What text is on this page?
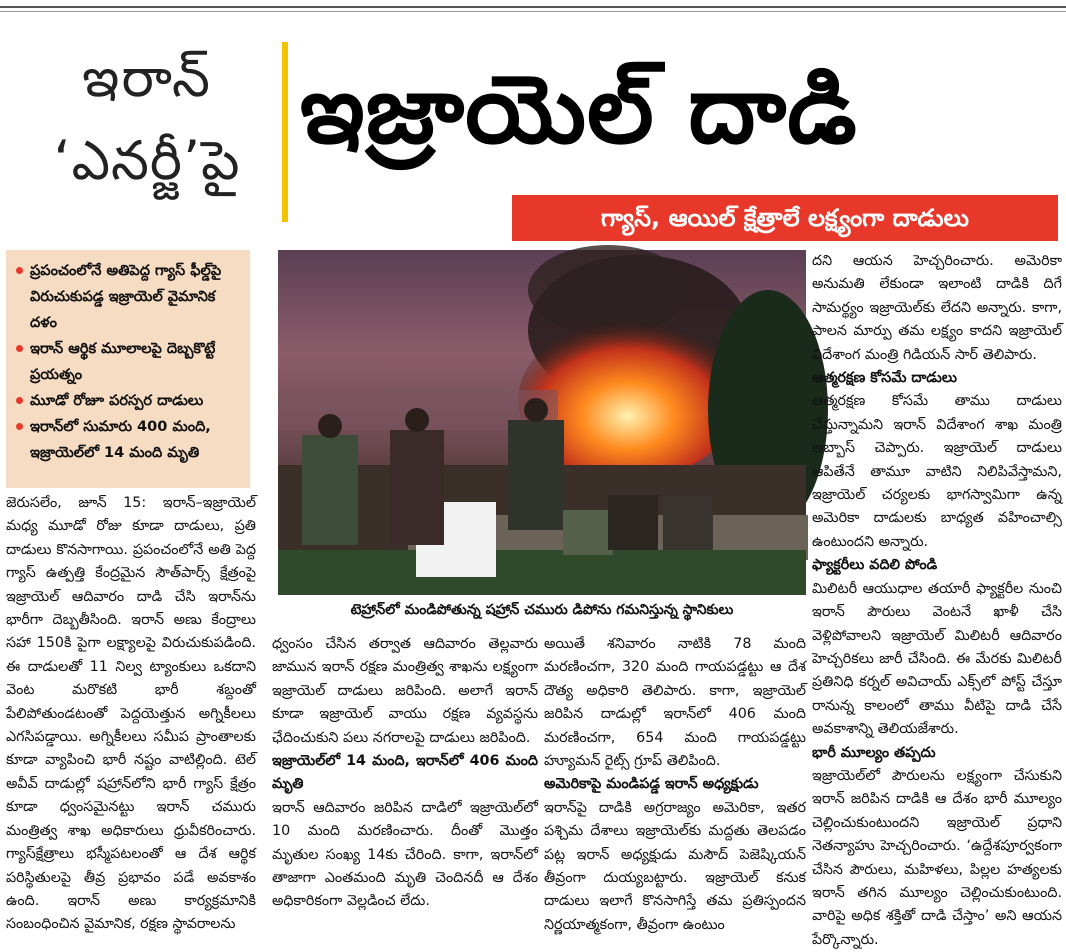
ఇరాన్
‘ఎనర్జీ’పై ఇజ్రాయెల్ దాడి
గ్యాస్, ఆయిల్ క్షేత్రాలే లక్ష్యంగా దాడులు
ప్రపంచంలోనే అతిపెద్ద గ్యాస్ ఫీల్డ్‌పై విరుచుకుపడ్డ ఇజ్రాయెల్ వైమానిక దళం
ఇరాన్ ఆర్థిక మూలాలపై దెబ్బకొట్టే ప్రయత్నం
మూడో రోజూ పరస్పర దాడులు
ఇరాన్‌లో సుమారు 400 మంది, ఇజ్రాయెల్‌లో 14 మంది మృతి
టెహ్రాన్‌లో మండిపోతున్న షహ్రాన్ చమురు డిపోను గమనిస్తున్న స్థానికులు

జెరుసలేం, జూన్ 15: ఇరాన్–ఇజ్రాయెల్ మధ్య మూడో రోజు కూడా దాడులు, ప్రతి దాడులు కొనసాగాయి. ప్రపంచంలోనే అతి పెద్ద గ్యాస్ ఉత్పత్తి కేంద్రమైన సౌత్‌పార్స్ క్షేత్రంపై ఇజ్రాయెల్ ఆదివారం దాడి చేసి ఇరాన్‌ను భారీగా దెబ్బతీసింది. ఇరాన్ అణు కేంద్రాలు సహా 150కి పైగా లక్ష్యాలపై విరుచుకుపడింది. ఈ దాడులతో 11 నిల్వ ట్యాంకులు ఒకదాని వెంట మరొకటి భారీ శబ్దంతో పేలిపోతుండటంతో పెద్దయెత్తున అగ్నికీలలు ఎగసిపడ్డాయి. అగ్నికీలలు సమీప ప్రాంతాలకు కూడా వ్యాపించి భారీ నష్టం వాటిల్లింది. టెల్ అవీవ్ దాడుల్లో షహ్రాన్‌లోని భారీ గ్యాస్ క్షేత్రం కూడా ధ్వంసమైనట్టు ఇరాన్ చమురు మంత్రిత్వ శాఖ అధికారులు ధ్రువీకరించారు. గ్యాస్‌క్షేత్రాలు భస్మీపటలంతో ఆ దేశ ఆర్థిక పరిస్థితులపై తీవ్ర ప్రభావం పడే అవకాశం ఉంది. ఇరాన్ అణు కార్యక్రమానికి సంబంధించిన వైమానిక, రక్షణ స్థావరాలను

ధ్వంసం చేసిన తర్వాత ఆదివారం తెల్లవారు జామున ఇరాన్ రక్షణ మంత్రిత్వ శాఖను లక్ష్యంగా ఇజ్రాయెల్ దాడులు జరిపింది. అలాగే ఇరాన్ కూడా ఇజ్రాయెల్ వాయు రక్షణ వ్యవస్థను ఛేదించుకుని పలు నగరాలపై దాడులు జరిపింది.

ఇజ్రాయెల్‌లో 14 మంది, ఇరాన్‌లో 406 మంది మృతి

ఇరాన్ ఆదివారం జరిపిన దాడిలో ఇజ్రాయెల్‌లో 10 మంది మరణించారు. దీంతో మొత్తం మృతుల సంఖ్య 14కు చేరింది. కాగా, ఇరాన్‌లో తాజాగా ఎంతమంది మృతి చెందినదీ ఆ దేశం అధికారికంగా వెల్లడించ లేదు.

అయితే శనివారం నాటికి 78 మంది మరణించగా, 320 మంది గాయపడ్డట్టు ఆ దేశ దౌత్య అధికారి తెలిపారు. కాగా, ఇజ్రాయెల్ జరిపిన దాడుల్లో ఇరాన్‌లో 406 మంది మరణించగా, 654 మంది గాయపడ్డట్టు హ్యూమన్ రైట్స్ గ్రూప్ తెలిపింది.

అమెరికాపై మండిపడ్డ ఇరాన్ అధ్యక్షుడు

ఇరాన్‌పై దాడికి అగ్రరాజ్యం అమెరికా, ఇతర పశ్చిమ దేశాలు ఇజ్రాయెల్‌కు మద్దతు తెలపడం పట్ల ఇరాన్ అధ్యక్షుడు మసౌద్ పెజెష్కియన్ తీవ్రంగా దుయ్యబట్టారు. ఇజ్రాయెల్ కనుక దాడులు ఇలాగే కొనసాగిస్తే తమ ప్రతిస్పందన నిర్ణయాత్మకంగా, తీవ్రంగా ఉంటుం

దని ఆయన హెచ్చరించారు. అమెరికా అనుమతి లేకుండా ఇలాంటి దాడికి దిగే సామర్థ్యం ఇజ్రాయెల్‌కు లేదని అన్నారు. కాగా, పాలన మార్పు తమ లక్ష్యం కాదని ఇజ్రాయెల్ విదేశాంగ మంత్రి గిడియన్ సార్ తెలిపారు.

ఆత్మరక్షణ కోసమే దాడులు

ఆత్మరక్షణ కోసమే తాము దాడులు చేస్తున్నామని ఇరాన్ విదేశాంగ శాఖ మంత్రి అబ్బాస్ చెప్పారు. ఇజ్రాయెల్ దాడులు ఆపితేనే తామూ వాటిని నిలిపివేస్తామని, ఇజ్రాయెల్ చర్యలకు భాగస్వామిగా ఉన్న అమెరికా దాడులకు బాధ్యత వహించాల్సి ఉంటుందని అన్నారు.

ఫ్యాక్టరీలు వదిలి పోండి

మిలిటరీ ఆయుధాల తయారీ ఫ్యాక్టరీల నుంచి ఇరాన్ పౌరులు వెంటనే ఖాళీ చేసి వెళ్లిపోవాలని ఇజ్రాయెల్ మిలిటరీ ఆదివారం హెచ్చరికలు జారీ చేసింది. ఈ మేరకు మిలిటరీ ప్రతినిధి కర్నల్ అవిచాయ్ ఎక్స్‌లో పోస్ట్ చేస్తూ రానున్న కాలంలో తాము వీటిపై దాడి చేసే అవకాశాన్ని తెలియజేశారు.

భారీ మూల్యం తప్పదు

ఇజ్రాయెల్‌లో పౌరులను లక్ష్యంగా చేసుకుని ఇరాన్ జరిపిన దాడికి ఆ దేశం భారీ మూల్యం చెల్లించుకుంటుందని ఇజ్రాయెల్ ప్రధాని నెతన్యాహు హెచ్చరించారు. ‘ఉద్దేశపూర్వకంగా చేసిన పౌరులు, మహిళలు, పిల్లల హత్యలకు ఇరాన్ తగిన మూల్యం చెల్లించుకుంటుంది. వారిపై అధిక శక్తితో దాడి చేస్తాం’ అని ఆయన పేర్కొన్నారు.
